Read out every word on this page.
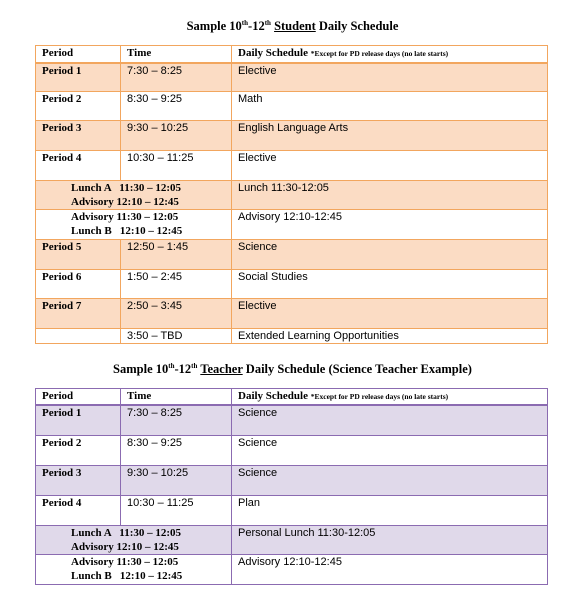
Sample 10th-12th Student Daily Schedule
Period	Time	Daily Schedule *Except for PD release days (no late starts)
Period 1	7:30 – 8:25	Elective
Period 2	8:30 – 9:25	Math
Period 3	9:30 – 10:25	English Language Arts
Period 4	10:30 – 11:25	Elective

Lunch A   11:30 – 12:05
Advisory 12:10 – 12:45		Lunch 11:30-12:05

Advisory 11:30 – 12:05
Lunch B   12:10 – 12:45		Advisory 12:10-12:45
Period 5	12:50 – 1:45	Science
Period 6	1:50 – 2:45	Social Studies
Period 7	2:50 – 3:45	Elective
	3:50 – TBD	Extended Learning Opportunities
Sample 10th-12th Teacher Daily Schedule (Science Teacher Example)
Period	Time	Daily Schedule *Except for PD release days (no late starts)
Period 1	7:30 – 8:25	Science
Period 2	8:30 – 9:25	Science
Period 3	9:30 – 10:25	Science
Period 4	10:30 – 11:25	Plan

Lunch A   11:30 – 12:05
Advisory 12:10 – 12:45		Personal Lunch 11:30-12:05

Advisory 11:30 – 12:05
Lunch B   12:10 – 12:45		Advisory 12:10-12:45
